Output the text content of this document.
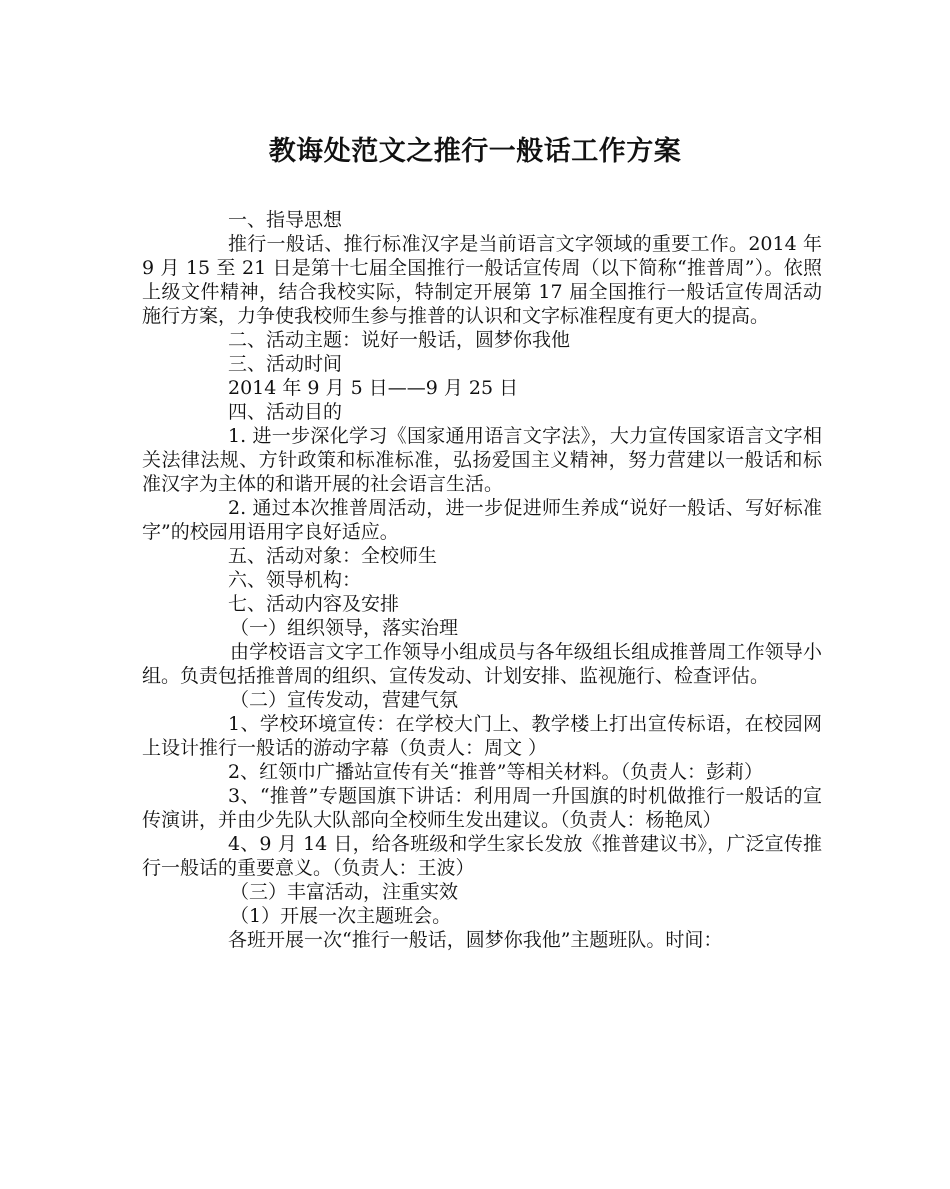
教诲处范文之推行一般话工作方案

一、指导思想

推行一般话、推行标准汉字是当前语言文字领域的重要工作。2014 年 9 月 15 至 21 日是第十七届全国推行一般话宣传周（以下简称“推普周”）。依照上级文件精神，结合我校实际，特制定开展第 17 届全国推行一般话宣传周活动施行方案，力争使我校师生参与推普的认识和文字标准程度有更大的提高。

二、活动主题：说好一般话，圆梦你我他

三、活动时间

2014 年 9 月 5 日——9 月 25 日

四、活动目的

1. 进一步深化学习《国家通用语言文字法》，大力宣传国家语言文字相关法律法规、方针政策和标准标准，弘扬爱国主义精神，努力营建以一般话和标准汉字为主体的和谐开展的社会语言生活。

2. 通过本次推普周活动，进一步促进师生养成“说好一般话、写好标准字”的校园用语用字良好适应。

五、活动对象：全校师生

六、领导机构：

七、活动内容及安排

（一）组织领导，落实治理

由学校语言文字工作领导小组成员与各年级组长组成推普周工作领导小组。负责包括推普周的组织、宣传发动、计划安排、监视施行、检查评估。

（二）宣传发动，营建气氛

1、学校环境宣传：在学校大门上、教学楼上打出宣传标语，在校园网上设计推行一般话的游动字幕（负责人：周文 ）

2、红领巾广播站宣传有关“推普”等相关材料。（负责人：彭莉）

3、“推普”专题国旗下讲话：利用周一升国旗的时机做推行一般话的宣传演讲，并由少先队大队部向全校师生发出建议。（负责人：杨艳凤）

4、9 月 14 日，给各班级和学生家长发放《推普建议书》，广泛宣传推行一般话的重要意义。（负责人：王波）

（三）丰富活动，注重实效

（1）开展一次主题班会。

各班开展一次“推行一般话，圆梦你我他”主题班队。时间：
